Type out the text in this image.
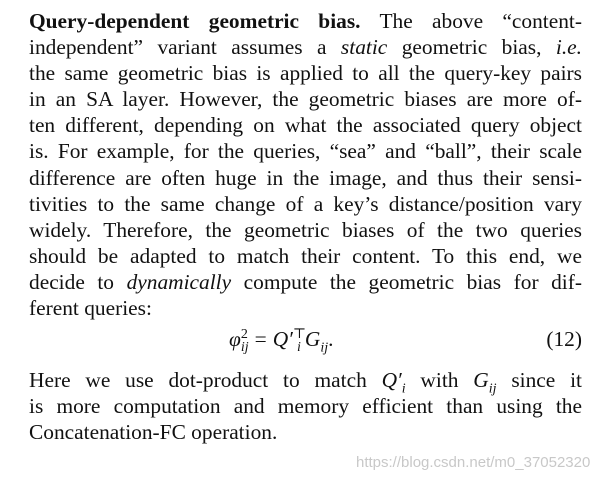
Query-dependent geometric bias. The above “content-
independent” variant assumes a static geometric bias, i.e.
the same geometric bias is applied to all the query-key pairs
in an SA layer. However, the geometric biases are more of-
ten different, depending on what the associated query object
is. For example, for the queries, “sea” and “ball”, their scale
difference are often huge in the image, and thus their sensi-
tivities to the same change of a key’s distance/position vary
widely. Therefore, the geometric biases of the two queries
should be adapted to match their content. To this end, we
decide to dynamically compute the geometric bias for dif-
ferent queries:
$\varphi^2_{ij} = Q'^⊤_i$ $G_{ij}$.	(12)
Here we use dot-product to match $Q'_i$ with $G_{ij}$ since it
is more computation and memory efficient than using the
Concatenation-FC operation.
https://blog.csdn.net/m0_37052320
